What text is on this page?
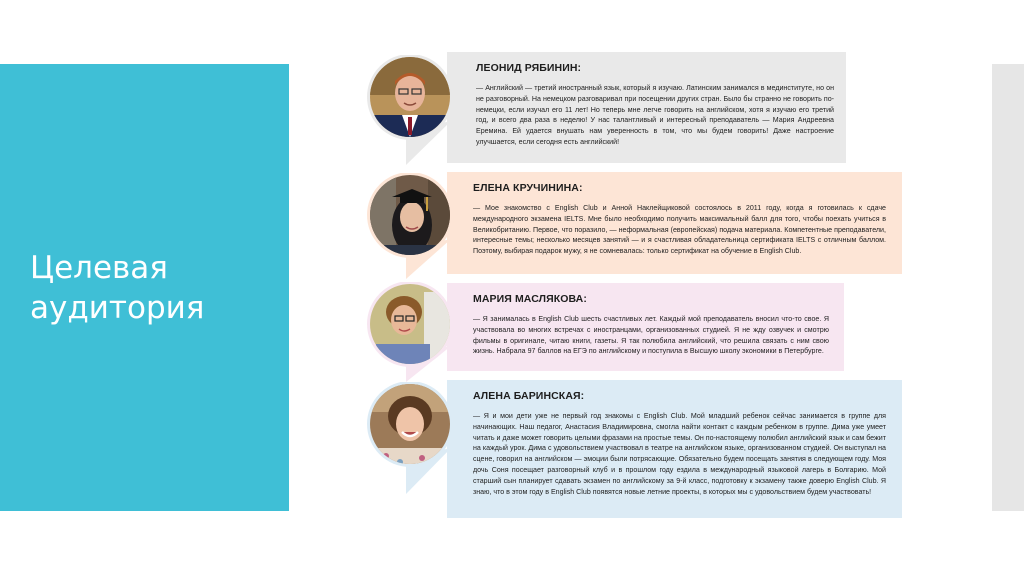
Целевая
аудитория
ЛЕОНИД РЯБИНИН:

— Английский — третий иностранный язык, который я изучаю. Латинским занимался в мединституте, но он не разговорный. На немецком разговаривал при посещении других стран. Было бы странно не говорить по-немецки, если изучал его 11 лет! Но теперь мне легче говорить на английском, хотя я изучаю его третий год, и всего два раза в неделю! У нас талантливый и интересный преподаватель — Мария Андреевна Еремина. Ей удается внушать нам уверенность в том, что мы будем говорить! Даже настроение улучшается, если сегодня есть английский!

ЕЛЕНА КРУЧИНИНА:

— Мое знакомство с English Club и Анной Наклейщиковой состоялось в 2011 году, когда я готовилась к сдаче международного экзамена IELTS. Мне было необходимо получить максимальный балл для того, чтобы поехать учиться в Великобританию. Первое, что поразило, — неформальная (европейская) подача материала. Компетентные преподаватели, интересные темы; несколько месяцев занятий — и я счастливая обладательница сертификата IELTS с отличным баллом. Поэтому, выбирая подарок мужу, я не сомневалась: только сертификат на обучение в English Club.

МАРИЯ МАСЛЯКОВА:

— Я занималась в English Club шесть счастливых лет. Каждый мой преподаватель вносил что-то свое. Я участвовала во многих встречах с иностранцами, организованных студией. Я не жду озвучек и смотрю фильмы в оригинале, читаю книги, газеты. Я так полюбила английский, что решила связать с ним свою жизнь. Набрала 97 баллов на ЕГЭ по английскому и поступила в Высшую школу экономики в Петербурге.

АЛЕНА БАРИНСКАЯ:

— Я и мои дети уже не первый год знакомы с English Club. Мой младший ребенок сейчас занимается в группе для начинающих. Наш педагог, Анастасия Владимировна, смогла найти контакт с каждым ребенком в группе. Дима уже умеет читать и даже может говорить целыми фразами на простые темы. Он по-настоящему полюбил английский язык и сам бежит на каждый урок. Дима с удовольствием участвовал в театре на английском языке, организованном студией. Он выступал на сцене, говорил на английском — эмоции были потрясающие. Обязательно будем посещать занятия в следующем году. Моя дочь Соня посещает разговорный клуб и в прошлом году ездила в международный языковой лагерь в Болгарию. Мой старший сын планирует сдавать экзамен по английскому за 9-й класс, подготовку к экзамену также доверю English Club. Я знаю, что в этом году в English Club появятся новые летние проекты, в которых мы с удовольствием будем участвовать!
